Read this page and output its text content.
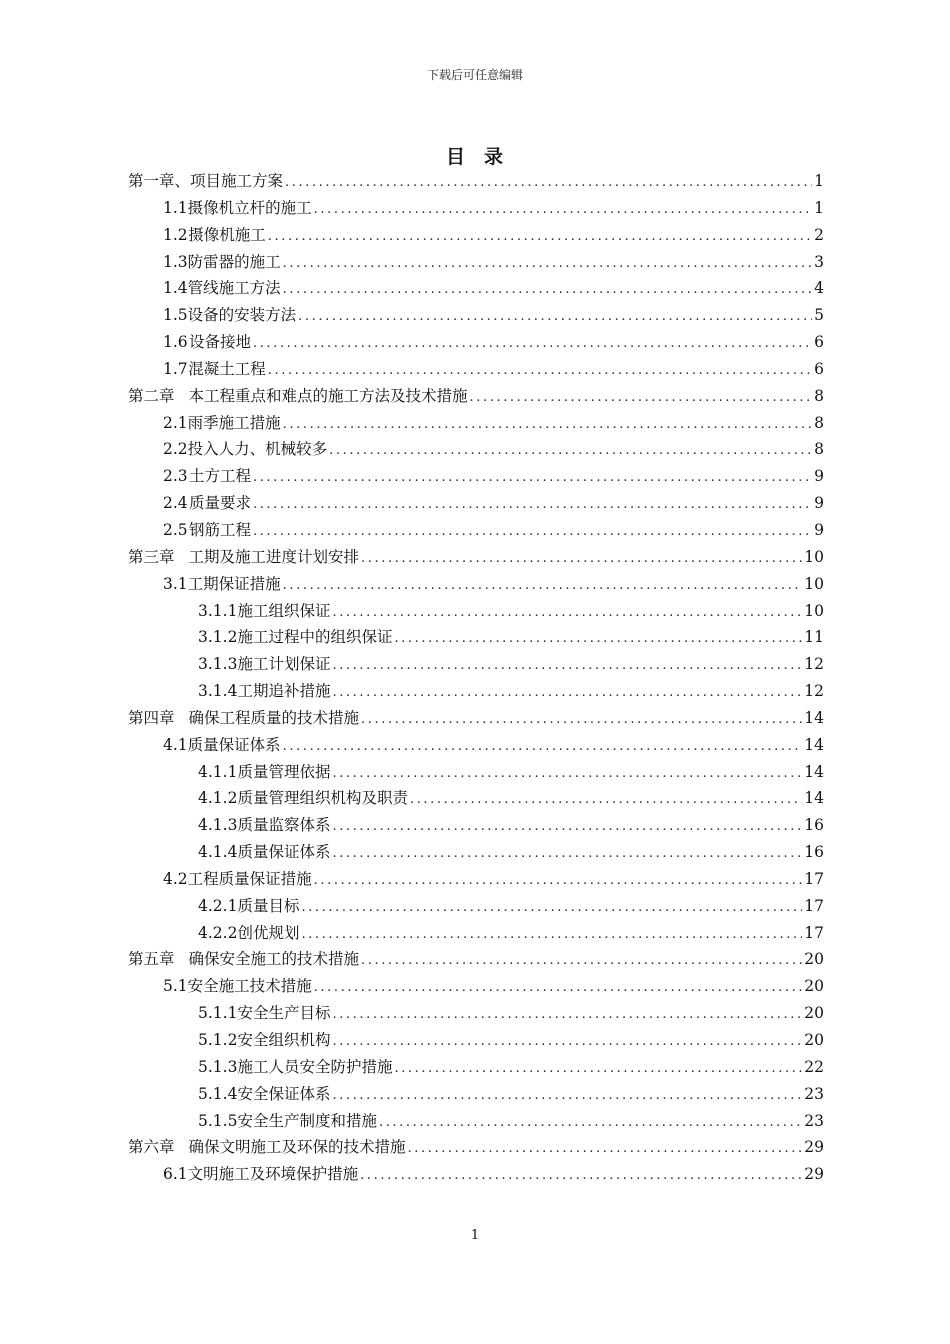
下载后可任意编辑
目 录
第一章、 项目施工方案 .....	1
1.1 摄像机立杆的施工 .....	1
1.2 摄像机施工 .....	2
1.3 防雷器的施工 .....	3
1.4 管线施工方法 .....	4
1.5 设备的安装方法 .....	5
1.6 设备接地 .....	6
1.7 混凝土工程 .....	6
第二章 本工程重点和难点的施工方法及技术措施 .....	8
2.1 雨季施工措施 .....	8
2.2 投入人力、机械较多 .....	8
2.3 土方工程 .....	9
2.4 质量要求 .....	9
2.5 钢筋工程 .....	9
第三章 工期及施工进度计划安排 .....	10
3.1 工期保证措施 .....	10
3.1.1 施工组织保证 .....	10
3.1.2 施工过程中的组织保证 .....	11
3.1.3 施工计划保证 .....	12
3.1.4 工期追补措施 .....	12
第四章 确保工程质量的技术措施 .....	14
4.1 质量保证体系 .....	14
4.1.1 质量管理依据 .....	14
4.1.2 质量管理组织机构及职责 .....	14
4.1.3 质量监察体系 .....	16
4.1.4 质量保证体系 .....	16
4.2 工程质量保证措施 .....	17
4.2.1 质量目标 .....	17
4.2.2 创优规划 .....	17
第五章 确保安全施工的技术措施 .....	20
5.1 安全施工技术措施 .....	20
5.1.1 安全生产目标 .....	20
5.1.2 安全组织机构 .....	20
5.1.3 施工人员安全防护措施 .....	22
5.1.4 安全保证体系 .....	23
5.1.5 安全生产制度和措施 .....	23
第六章 确保文明施工及环保的技术措施 .....	29
6.1 文明施工及环境保护措施 .....	29
1
